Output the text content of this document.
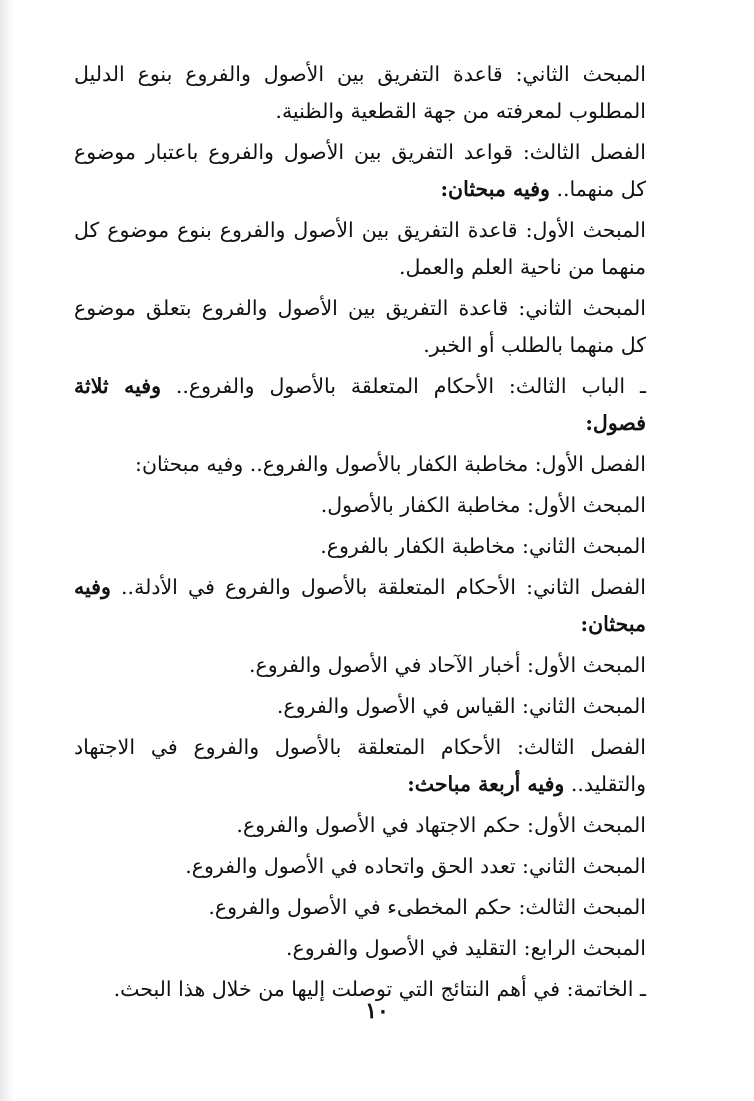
المبحث الثاني: قاعدة التفريق بين الأصول والفروع بنوع الدليل المطلوب لمعرفته من جهة القطعية والظنية.

الفصل الثالث: قواعد التفريق بين الأصول والفروع باعتبار موضوع كل منهما.. وفيه مبحثان:

المبحث الأول: قاعدة التفريق بين الأصول والفروع بنوع موضوع كل منهما من ناحية العلم والعمل.

المبحث الثاني: قاعدة التفريق بين الأصول والفروع بتعلق موضوع كل منهما بالطلب أو الخبر.

ـ الباب الثالث: الأحكام المتعلقة بالأصول والفروع.. وفيه ثلاثة فصول:

الفصل الأول: مخاطبة الكفار بالأصول والفروع.. وفيه مبحثان:

المبحث الأول: مخاطبة الكفار بالأصول.

المبحث الثاني: مخاطبة الكفار بالفروع.

الفصل الثاني: الأحكام المتعلقة بالأصول والفروع في الأدلة.. وفيه مبحثان:

المبحث الأول: أخبار الآحاد في الأصول والفروع.

المبحث الثاني: القياس في الأصول والفروع.

الفصل الثالث: الأحكام المتعلقة بالأصول والفروع في الاجتهاد والتقليد.. وفيه أربعة مباحث:

المبحث الأول: حكم الاجتهاد في الأصول والفروع.

المبحث الثاني: تعدد الحق واتحاده في الأصول والفروع.

المبحث الثالث: حكم المخطىء في الأصول والفروع.

المبحث الرابع: التقليد في الأصول والفروع.

ـ الخاتمة: في أهم النتائج التي توصلت إليها من خلال هذا البحث.

١٠
